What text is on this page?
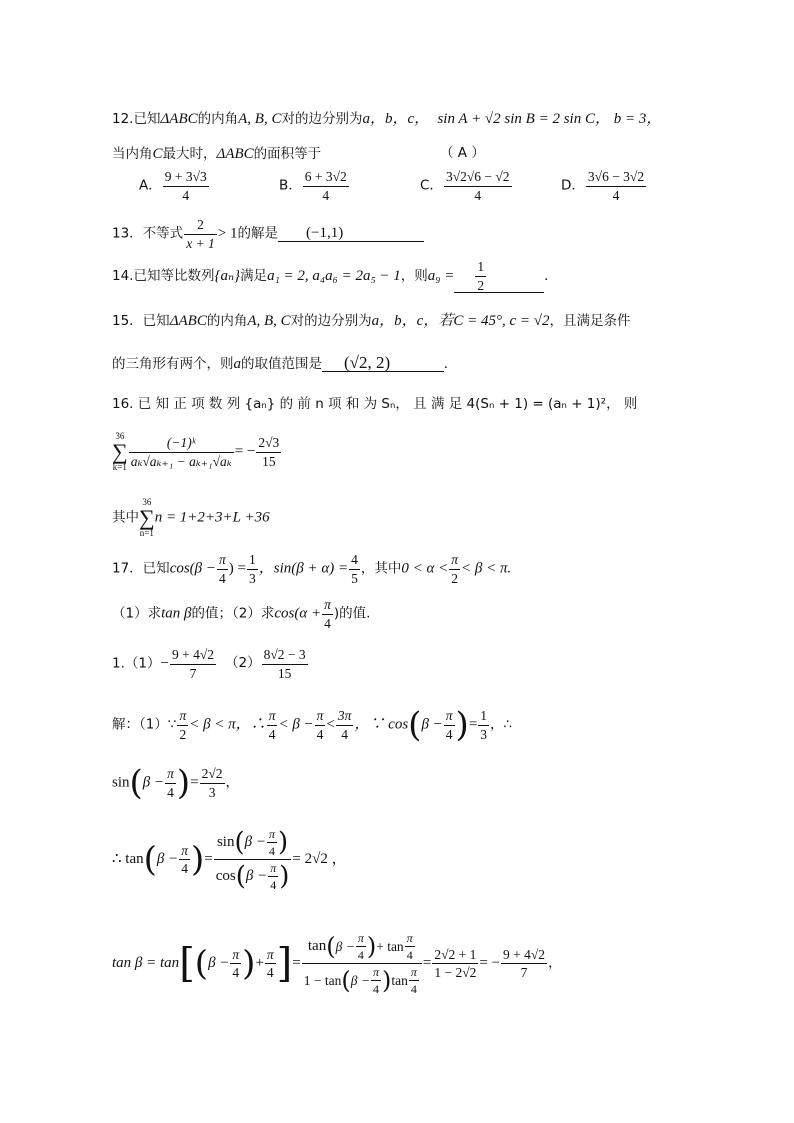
12.已知ΔABC的内角A, B, C对的边分别为a，b，c， sin A + √2 sin B = 2 sin C， b = 3，
当内角C最大时，ΔABC的面积等于	（ A ）
A． $\frac{9 + 3√3}{4}$	B． $\frac{6 + 3√2}{4}$	C． $\frac{3√2√6 - √2}{4}$	D． $\frac{3√6 - 3√2}{4}$
13．不等式 $\frac{2}{x + 1} > 1$的解是 (−1,1)
14.已知等比数列{aₙ}满足a₁ = 2, a₄a₆ = 2a₅ − 1，则$a_9 = \frac{1}{2}$	.
15．已知ΔABC的内角A, B, C对的边分别为a，b，c，若C = 45°, c = √2，且满足条件
的三角形有两个，则a的取值范围是 (√2, 2)	.
16. 已 知 正 项 数 列 {aₙ} 的 前 n 项 和 为 Sₙ， 且 满 足 4(Sₙ + 1) = (aₙ + 1)²， 则
36
∑
$k=1 \frac{\text{(−1)ᵏ}}{\text{aₖ√aₖ₊₁ − aₖ₊₁√aₖ}}$ = − $\frac{2√3}{15}$
其中36
∑
n=1n = 1+2+3+L +36
17．已知$\cos(\beta - \frac{\pi}{4}$ ) = $\frac{1}{3}$ ，$\sin(\beta + \alpha) = \frac{4}{5}$ ，其中$0 < \alpha < \frac{\pi}{2} < \beta < \pi$.
（1）求tan β的值；（2）求$\cos(\alpha + \frac{\pi}{4}$ )的值.
$1.(1)- \frac{9 + 4√2}{7} (2) \frac{8√2 - 3}{15}$
解：（1）∵ $\frac{\pi}{2} < \beta < \pi$，∴ $\frac{\pi}{4} < \beta - \frac{\pi}{4} < \frac{3\pi}{4}$ ，∵ $\cos(\beta - \frac{\pi}{4}$ )= $\frac{1}{3}$ ，∴
$\sin(\beta - \frac{\pi}{4}$ )= $\frac{2√2}{3}$ ，
∴ $\tan(\beta - \frac{\pi}{4}$ )= $\frac{\sin(\beta - \frac{\pi}{4} )}{\cos(\beta - \frac{\pi}{4} )} = 2√2$ ，
$\tan \beta = \tan[(\beta - \frac{\pi}{4}$ )+ $\frac{\pi}{4}$ ]= $\frac{\tan(\beta - \frac{\pi}{4} )+ \tan \frac{\pi}{4}}{1 - \tan(\beta - \frac{\pi}{4} )\tan \frac{\pi}{4}} = \frac{2√2 + 1}{1 - 2√2}$ = − $\frac{9 + 4√2}{7}$ ，
